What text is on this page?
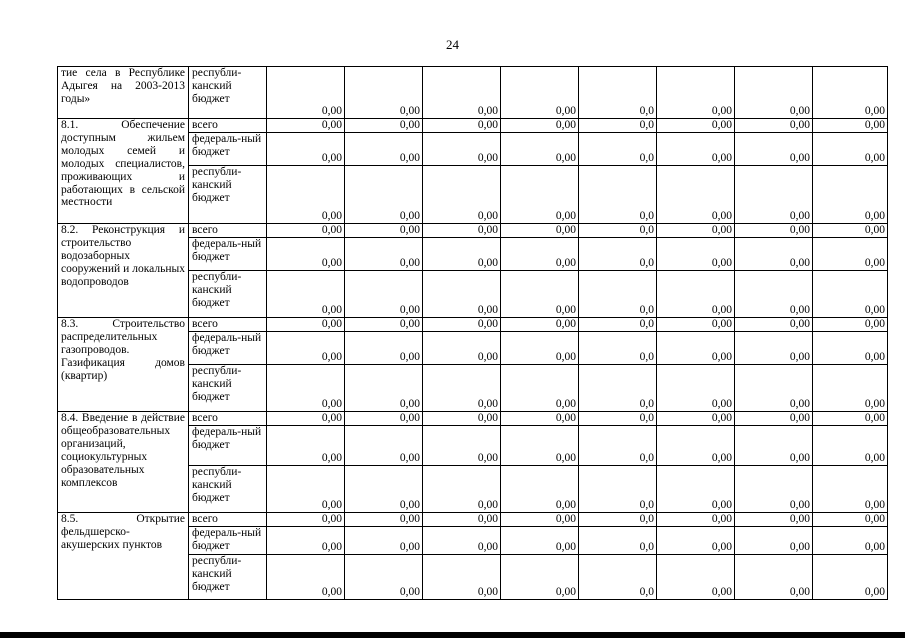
24
тие села в Республике Адыгея на 2003-2013 годы»	республи-канский бюджет	0,00	0,00	0,00	0,00	0,0	0,00	0,00	0,00
8.1. Обеспечение доступным жильем молодых семей и молодых специалистов, проживающих и работающих в сельской местности	всего	0,00	0,00	0,00	0,00	0,0	0,00	0,00	0,00
	федераль-ный бюджет	0,00	0,00	0,00	0,00	0,0	0,00	0,00	0,00
	республи-канский бюджет	0,00	0,00	0,00	0,00	0,0	0,00	0,00	0,00
8.2. Реконструкция и строительство водозаборных сооружений и локальных водопроводов	всего	0,00	0,00	0,00	0,00	0,0	0,00	0,00	0,00
	федераль-ный бюджет	0,00	0,00	0,00	0,00	0,0	0,00	0,00	0,00
	республи-канский бюджет	0,00	0,00	0,00	0,00	0,0	0,00	0,00	0,00
8.3. Строительство распределительных газопроводов. Газификация домов (квартир)	всего	0,00	0,00	0,00	0,00	0,0	0,00	0,00	0,00
	федераль-ный бюджет	0,00	0,00	0,00	0,00	0,0	0,00	0,00	0,00
	республи-канский бюджет	0,00	0,00	0,00	0,00	0,0	0,00	0,00	0,00
8.4. Введение в действие общеобразовательных организаций, социокультурных образовательных комплексов	всего	0,00	0,00	0,00	0,00	0,0	0,00	0,00	0,00
	федераль-ный бюджет	0,00	0,00	0,00	0,00	0,0	0,00	0,00	0,00
	республи-канский бюджет	0,00	0,00	0,00	0,00	0,0	0,00	0,00	0,00
8.5. Открытие фельдшерско-акушерских пунктов	всего	0,00	0,00	0,00	0,00	0,0	0,00	0,00	0,00
	федераль-ный бюджет	0,00	0,00	0,00	0,00	0,0	0,00	0,00	0,00
	республи-канский бюджет	0,00	0,00	0,00	0,00	0,0	0,00	0,00	0,00
